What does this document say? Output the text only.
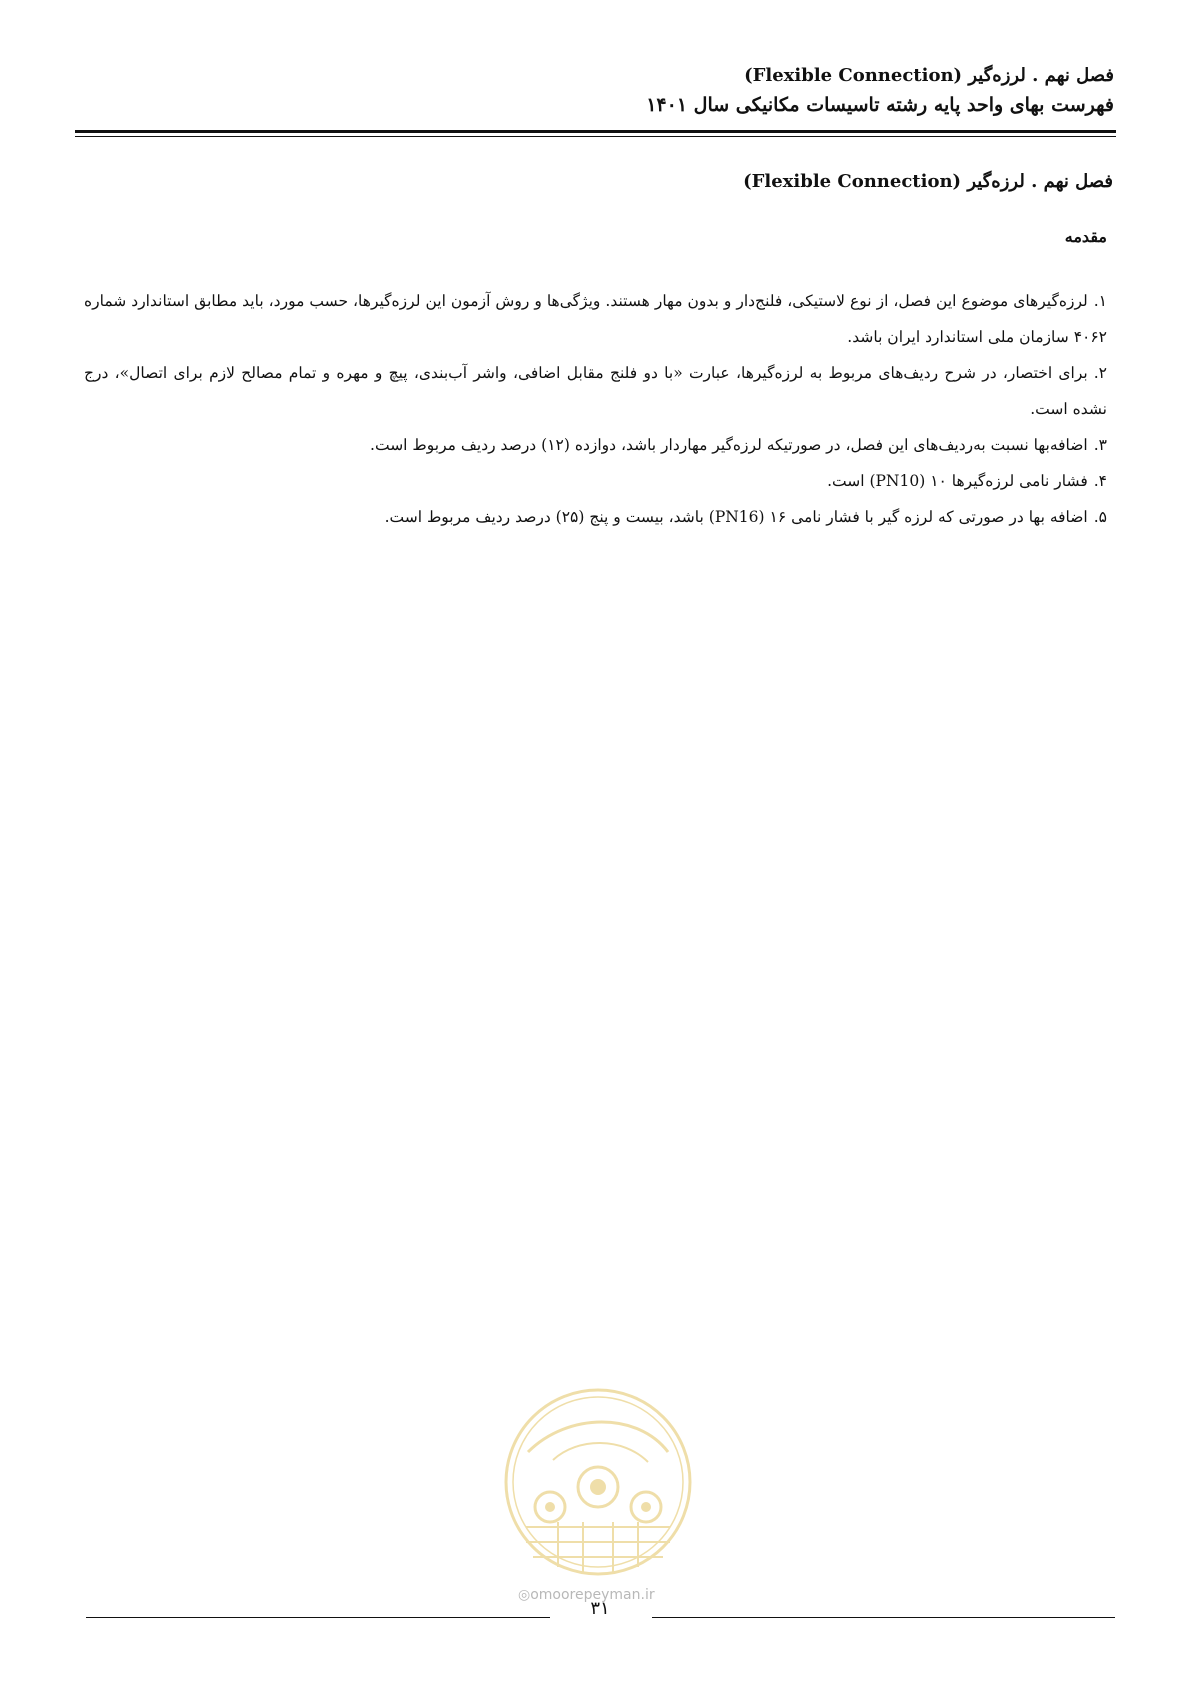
فصل نهم . لرزه‌گیر (Flexible Connection)
فهرست بهای واحد پایه رشته تاسیسات مکانیکی سال ۱۴۰۱
فصل نهم . لرزه‌گیر (Flexible Connection)
مقدمه
۱.لرزه‌گیرهای موضوع این فصل، از نوع لاستیکی، فلنج‌دار و بدون مهار هستند. ویژگی‌ها و روش آزمون این لرزه‌گیرها، حسب مورد، باید مطابق استاندارد شماره ۴۰۶۲ سازمان ملی استاندارد ایران باشد.
۲.برای اختصار، در شرح ردیف‌های مربوط به لرزه‌گیرها، عبارت «با دو فلنج مقابل اضافی، واشر آب‌بندی، پیچ و مهره و تمام مصالح لازم برای اتصال»، درج نشده است.
۳.اضافه‌بها نسبت به‌ردیف‌های این فصل، در صورتیکه لرزه‌گیر مهاردار باشد، دوازده (۱۲) درصد ردیف مربوط است.
۴.فشار نامی لرزه‌گیرها ۱۰ (PN10) است.
۵.اضافه بها در صورتی که لرزه گیر با فشار نامی ۱۶ (PN16) باشد، بیست و پنج (۲۵) درصد ردیف مربوط است.
◎omoorepeyman.ir
۳۱
